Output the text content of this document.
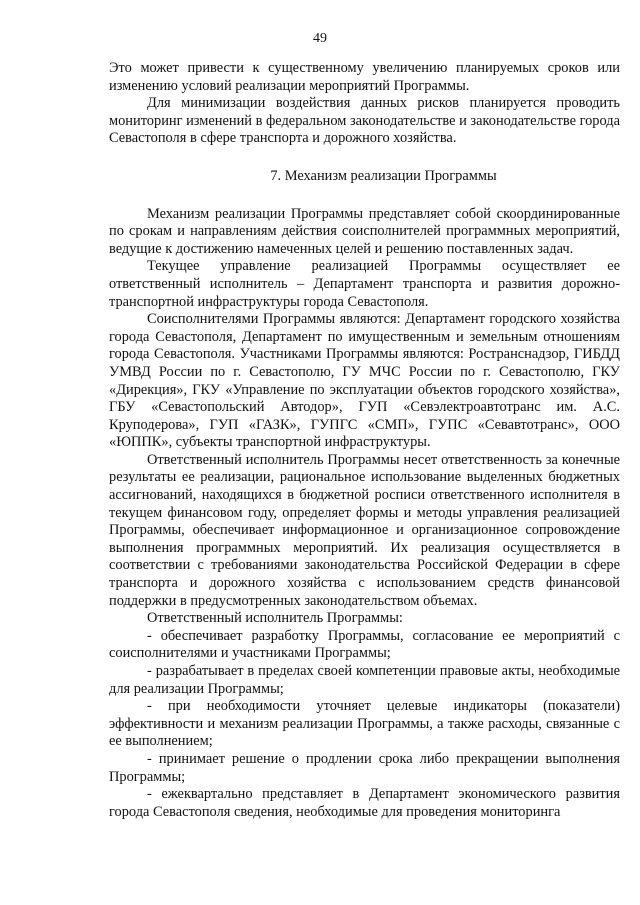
49

Это может привести к существенному увеличению планируемых сроков или изменению условий реализации мероприятий Программы.

Для минимизации воздействия данных рисков планируется проводить мониторинг изменений в федеральном законодательстве и законодательстве города Севастополя в сфере транспорта и дорожного хозяйства.

7. Механизм реализации Программы

Механизм реализации Программы представляет собой скоординированные по срокам и направлениям действия соисполнителей программных мероприятий, ведущие к достижению намеченных целей и решению поставленных задач.

Текущее управление реализацией Программы осуществляет ее ответственный исполнитель – Департамент транспорта и развития дорожно-транспортной инфраструктуры города Севастополя.

Соисполнителями Программы являются: Департамент городского хозяйства города Севастополя, Департамент по имущественным и земельным отношениям города Севастополя. Участниками Программы являются: Ространснадзор, ГИБДД УМВД России по г. Севастополю, ГУ МЧС России по г. Севастополю, ГКУ «Дирекция», ГКУ «Управление по эксплуатации объектов городского хозяйства», ГБУ «Севастопольский Автодор», ГУП «Севэлектроавтотранс им. А.С. Круподерова», ГУП «ГАЗК», ГУПГС «СМП», ГУПС «Севавтотранс», ООО «ЮППК», субъекты транспортной инфраструктуры.

Ответственный исполнитель Программы несет ответственность за конечные результаты ее реализации, рациональное использование выделенных бюджетных ассигнований, находящихся в бюджетной росписи ответственного исполнителя в текущем финансовом году, определяет формы и методы управления реализацией Программы, обеспечивает информационное и организационное сопровождение выполнения программных мероприятий. Их реализация осуществляется в соответствии с требованиями законодательства Российской Федерации в сфере транспорта и дорожного хозяйства с использованием средств финансовой поддержки в предусмотренных законодательством объемах.

Ответственный исполнитель Программы:

- обеспечивает разработку Программы, согласование ее мероприятий с соисполнителями и участниками Программы;

- разрабатывает в пределах своей компетенции правовые акты, необходимые для реализации Программы;

- при необходимости уточняет целевые индикаторы (показатели) эффективности и механизм реализации Программы, а также расходы, связанные с ее выполнением;

- принимает решение о продлении срока либо прекращении выполнения Программы;

- ежеквартально представляет в Департамент экономического развития города Севастополя сведения, необходимые для проведения мониторинга
